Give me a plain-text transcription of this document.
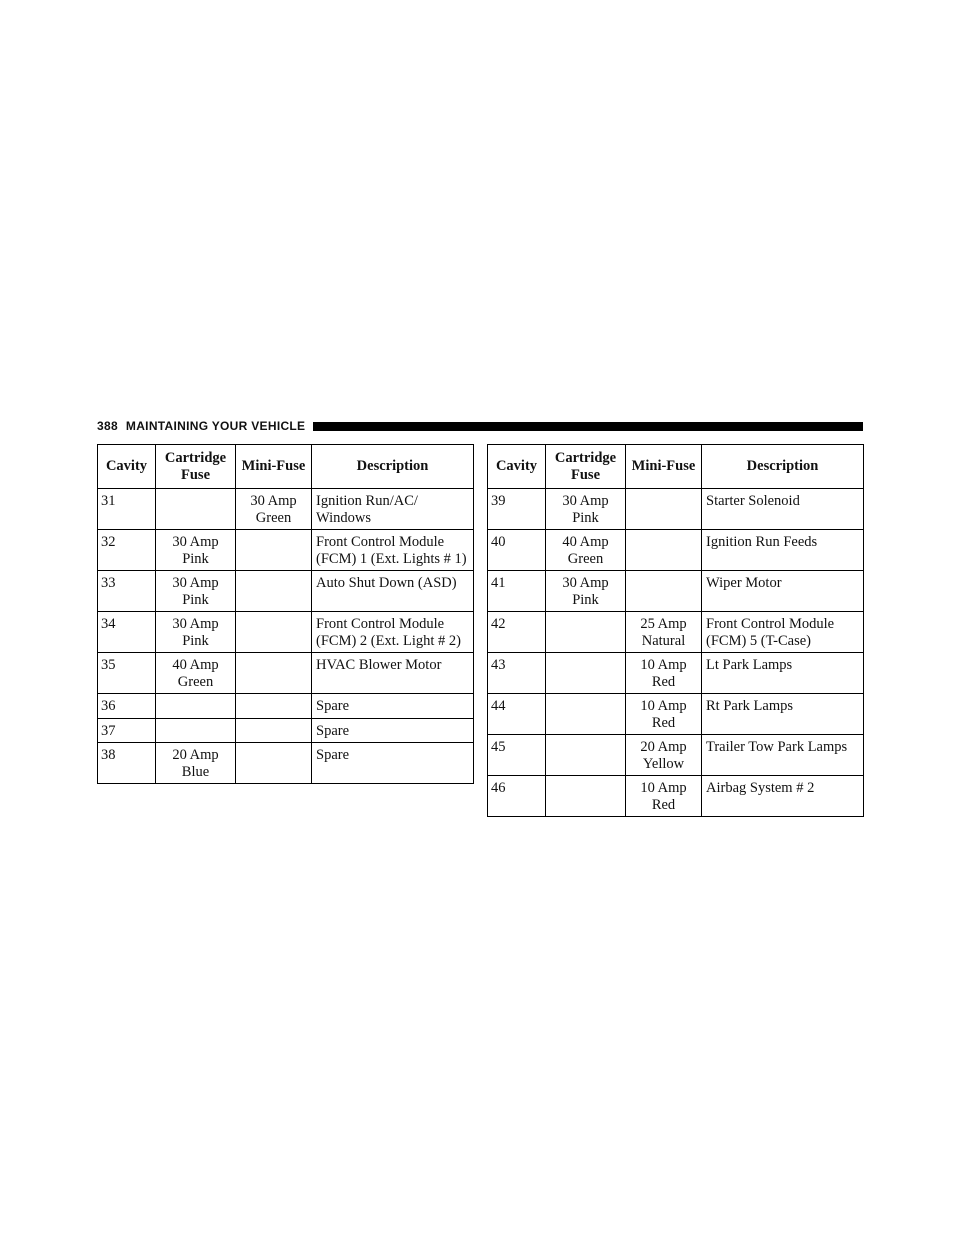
388 MAINTAINING YOUR VEHICLE
Cavity	Cartridge Fuse	Mini-Fuse	Description
31		30 Amp Green	Ignition Run/AC/ Windows
32	30 Amp Pink		Front Control Module (FCM) 1 (Ext. Lights # 1)
33	30 Amp Pink		Auto Shut Down (ASD)
34	30 Amp Pink		Front Control Module (FCM) 2 (Ext. Light # 2)
35	40 Amp Green		HVAC Blower Motor
36			Spare
37			Spare
38	20 Amp Blue		Spare
Cavity	Cartridge Fuse	Mini-Fuse	Description
39	30 Amp Pink		Starter Solenoid
40	40 Amp Green		Ignition Run Feeds
41	30 Amp Pink		Wiper Motor
42		25 Amp Natural	Front Control Module (FCM) 5 (T-Case)
43		10 Amp Red	Lt Park Lamps
44		10 Amp Red	Rt Park Lamps
45		20 Amp Yellow	Trailer Tow Park Lamps
46		10 Amp Red	Airbag System # 2
